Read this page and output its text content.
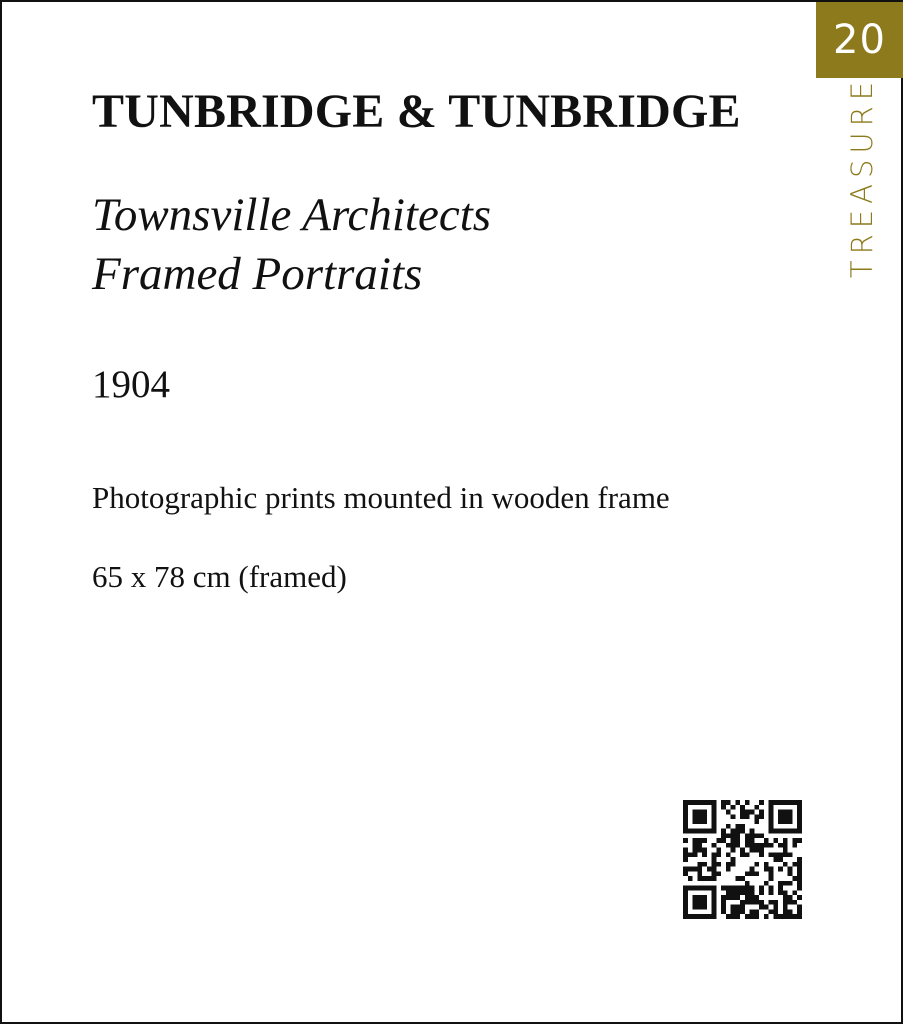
20
TREASURE
TUNBRIDGE & TUNBRIDGE
Townsville Architects
Framed Portraits

1904

Photographic prints mounted in wooden frame

65 x 78 cm (framed)
